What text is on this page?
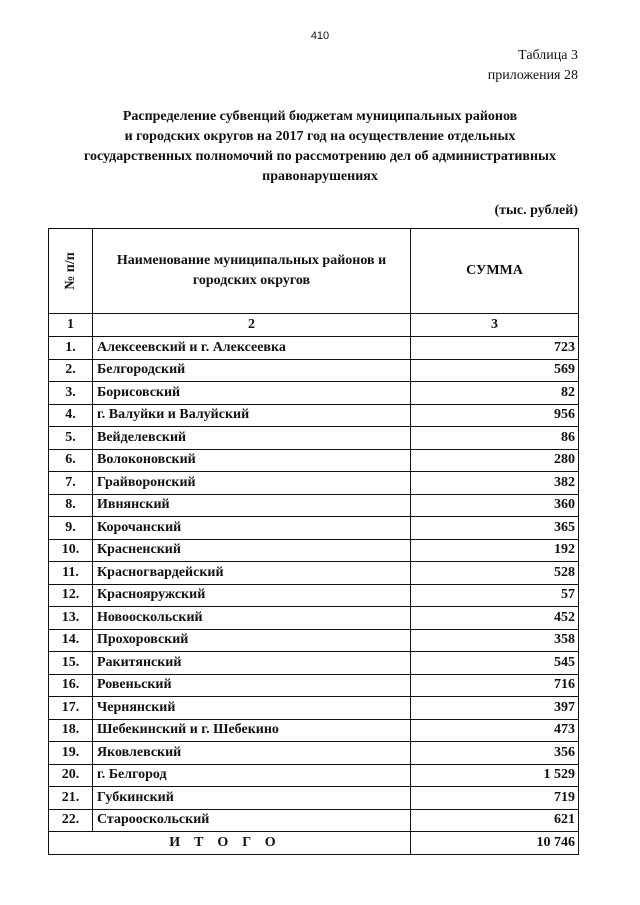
410
Таблица 3
приложения 28
Распределение субвенций бюджетам муниципальных районов
и городских округов на 2017 год на осуществление отдельных
государственных полномочий по рассмотрению дел об административных
правонарушениях
(тыс. рублей)
№ п/п	Наименование муниципальных районов и городских округов	СУММА
1	2	3
1.	Алексеевский и г. Алексеевка	723
2.	Белгородский	569
3.	Борисовский	82
4.	г. Валуйки и Валуйский	956
5.	Вейделевский	86
6.	Волоконовский	280
7.	Грайворонский	382
8.	Ивнянский	360
9.	Корочанский	365
10.	Красненский	192
11.	Красногвардейский	528
12.	Краснояружский	57
13.	Новооскольский	452
14.	Прохоровский	358
15.	Ракитянский	545
16.	Ровеньский	716
17.	Чернянский	397
18.	Шебекинский и г. Шебекино	473
19.	Яковлевский	356
20.	г. Белгород	1 529
21.	Губкинский	719
22.	Старооскольский	621
ИТОГО		10 746
